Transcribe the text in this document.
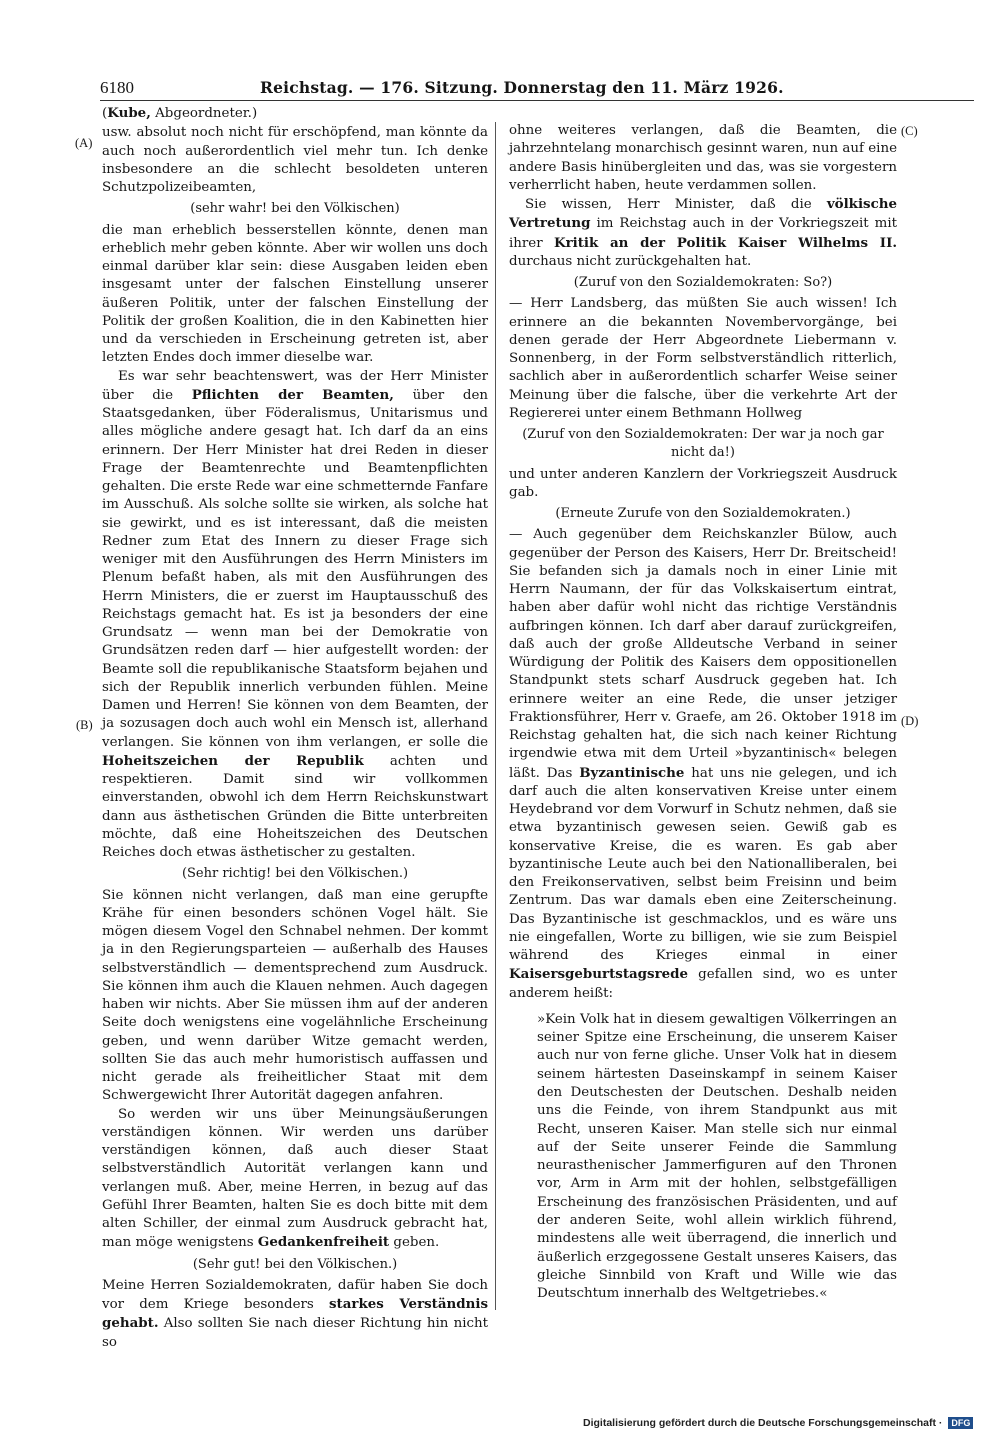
6180	Reichstag. — 176. Sitzung. Donnerstag den 11. März 1926.
(A)
(B)
(C)
(D)

(Kube, Abgeordneter.)

usw. absolut noch nicht für erschöpfend, man könnte da auch noch außerordentlich viel mehr tun. Ich denke insbesondere an die schlecht besoldeten unteren Schutzpolizeibeamten,

(sehr wahr! bei den Völkischen)

die man erheblich besserstellen könnte, denen man erheblich mehr geben könnte. Aber wir wollen uns doch einmal darüber klar sein: diese Ausgaben leiden eben insgesamt unter der falschen Einstellung unserer äußeren Politik, unter der falschen Einstellung der Politik der großen Koalition, die in den Kabinetten hier und da verschieden in Erscheinung getreten ist, aber letzten Endes doch immer dieselbe war.

Es war sehr beachtenswert, was der Herr Minister über die Pflichten der Beamten, über den Staatsgedanken, über Föderalismus, Unitarismus und alles mögliche andere gesagt hat. Ich darf da an eins erinnern. Der Herr Minister hat drei Reden in dieser Frage der Beamtenrechte und Beamtenpflichten gehalten. Die erste Rede war eine schmetternde Fanfare im Ausschuß. Als solche sollte sie wirken, als solche hat sie gewirkt, und es ist interessant, daß die meisten Redner zum Etat des Innern zu dieser Frage sich weniger mit den Ausführungen des Herrn Ministers im Plenum befaßt haben, als mit den Ausführungen des Herrn Ministers, die er zuerst im Hauptausschuß des Reichstags gemacht hat. Es ist ja besonders der eine Grundsatz — wenn man bei der Demokratie von Grundsätzen reden darf — hier aufgestellt worden: der Beamte soll die republikanische Staatsform bejahen und sich der Republik innerlich verbunden fühlen. Meine Damen und Herren! Sie können von dem Beamten, der ja sozusagen doch auch wohl ein Mensch ist, allerhand verlangen. Sie können von ihm verlangen, er solle die Hoheitszeichen der Republik achten und respektieren. Damit sind wir vollkommen einverstanden, obwohl ich dem Herrn Reichskunstwart dann aus ästhetischen Gründen die Bitte unterbreiten möchte, daß eine Hoheitszeichen des Deutschen Reiches doch etwas ästhetischer zu gestalten.

(Sehr richtig! bei den Völkischen.)

Sie können nicht verlangen, daß man eine gerupfte Krähe für einen besonders schönen Vogel hält. Sie mögen diesem Vogel den Schnabel nehmen. Der kommt ja in den Regierungsparteien — außerhalb des Hauses selbstverständlich — dementsprechend zum Ausdruck. Sie können ihm auch die Klauen nehmen. Auch dagegen haben wir nichts. Aber Sie müssen ihm auf der anderen Seite doch wenigstens eine vogelähnliche Erscheinung geben, und wenn darüber Witze gemacht werden, sollten Sie das auch mehr humoristisch auffassen und nicht gerade als freiheitlicher Staat mit dem Schwergewicht Ihrer Autorität dagegen anfahren.

So werden wir uns über Meinungsäußerungen verständigen können. Wir werden uns darüber verständigen können, daß auch dieser Staat selbstverständlich Autorität verlangen kann und verlangen muß. Aber, meine Herren, in bezug auf das Gefühl Ihrer Beamten, halten Sie es doch bitte mit dem alten Schiller, der einmal zum Ausdruck gebracht hat, man möge wenigstens Gedankenfreiheit geben.

(Sehr gut! bei den Völkischen.)

Meine Herren Sozialdemokraten, dafür haben Sie doch vor dem Kriege besonders starkes Verständnis gehabt. Also sollten Sie nach dieser Richtung hin nicht so

ohne weiteres verlangen, daß die Beamten, die jahrzehntelang monarchisch gesinnt waren, nun auf eine andere Basis hinübergleiten und das, was sie vorgestern verherrlicht haben, heute verdammen sollen.

Sie wissen, Herr Minister, daß die völkische Vertretung im Reichstag auch in der Vorkriegszeit mit ihrer Kritik an der Politik Kaiser Wilhelms II. durchaus nicht zurückgehalten hat.

(Zuruf von den Sozialdemokraten: So?)

— Herr Landsberg, das müßten Sie auch wissen! Ich erinnere an die bekannten Novembervorgänge, bei denen gerade der Herr Abgeordnete Liebermann v. Sonnenberg, in der Form selbstverständlich ritterlich, sachlich aber in außerordentlich scharfer Weise seiner Meinung über die falsche, über die verkehrte Art der Regiererei unter einem Bethmann Hollweg

(Zuruf von den Sozialdemokraten: Der war ja noch gar nicht da!)

und unter anderen Kanzlern der Vorkriegszeit Ausdruck gab.

(Erneute Zurufe von den Sozialdemokraten.)

— Auch gegenüber dem Reichskanzler Bülow, auch gegenüber der Person des Kaisers, Herr Dr. Breitscheid! Sie befanden sich ja damals noch in einer Linie mit Herrn Naumann, der für das Volkskaisertum eintrat, haben aber dafür wohl nicht das richtige Verständnis aufbringen können. Ich darf aber darauf zurückgreifen, daß auch der große Alldeutsche Verband in seiner Würdigung der Politik des Kaisers dem oppositionellen Standpunkt stets scharf Ausdruck gegeben hat. Ich erinnere weiter an eine Rede, die unser jetziger Fraktionsführer, Herr v. Graefe, am 26. Oktober 1918 im Reichstag gehalten hat, die sich nach keiner Richtung irgendwie etwa mit dem Urteil »byzantinisch« belegen läßt. Das Byzantinische hat uns nie gelegen, und ich darf auch die alten konservativen Kreise unter einem Heydebrand vor dem Vorwurf in Schutz nehmen, daß sie etwa byzantinisch gewesen seien. Gewiß gab es konservative Kreise, die es waren. Es gab aber byzantinische Leute auch bei den Nationalliberalen, bei den Freikonservativen, selbst beim Freisinn und beim Zentrum. Das war damals eben eine Zeiterscheinung. Das Byzantinische ist geschmacklos, und es wäre uns nie eingefallen, Worte zu billigen, wie sie zum Beispiel während des Krieges einmal in einer Kaisersgeburtstagsrede gefallen sind, wo es unter anderem heißt:

»Kein Volk hat in diesem gewaltigen Völkerringen an seiner Spitze eine Erscheinung, die unserem Kaiser auch nur von ferne gliche. Unser Volk hat in diesem seinem härtesten Daseinskampf in seinem Kaiser den Deutschesten der Deutschen. Deshalb neiden uns die Feinde, von ihrem Standpunkt aus mit Recht, unseren Kaiser. Man stelle sich nur einmal auf der Seite unserer Feinde die Sammlung neurasthenischer Jammerfiguren auf den Thronen vor, Arm in Arm mit der hohlen, selbstgefälligen Erscheinung des französischen Präsidenten, und auf der anderen Seite, wohl allein wirklich führend, mindestens alle weit überragend, die innerlich und äußerlich erzgegossene Gestalt unseres Kaisers, das gleiche Sinnbild von Kraft und Wille wie das Deutschtum innerhalb des Weltgetriebes.«

Digitalisierung gefördert durch die Deutsche Forschungsgemeinschaft · DFG
